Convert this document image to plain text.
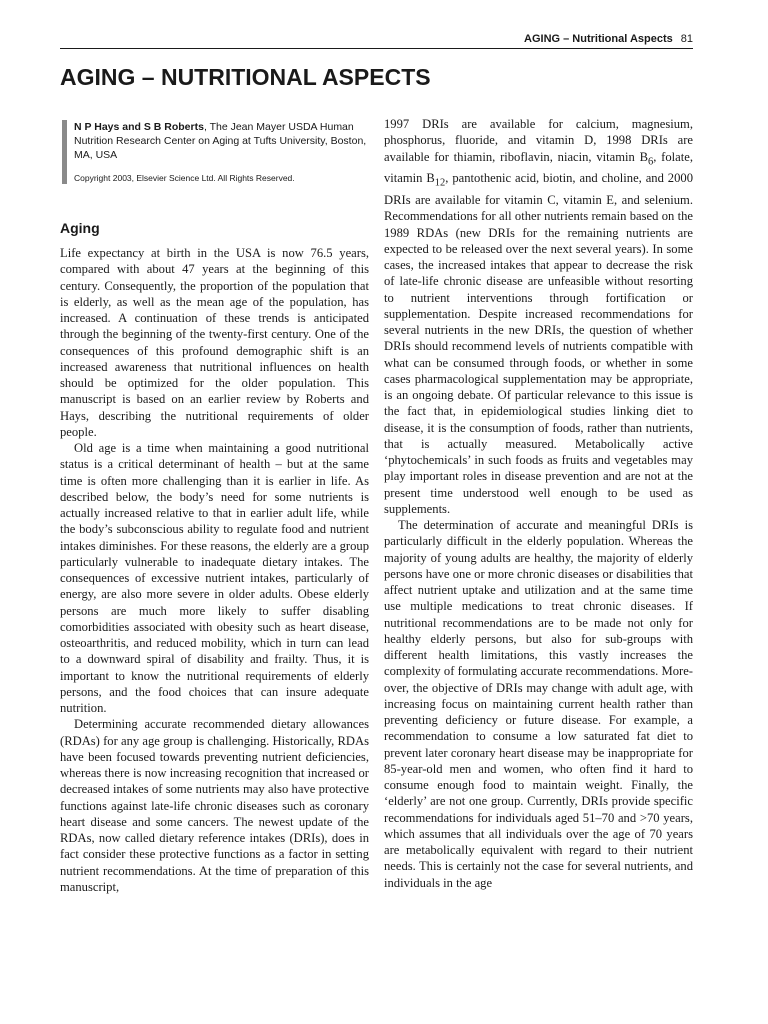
AGING – Nutritional Aspects 81
AGING – NUTRITIONAL ASPECTS

N P Hays and S B Roberts, The Jean Mayer USDA Human Nutrition Research Center on Aging at Tufts University, Boston, MA, USA

Copyright 2003, Elsevier Science Ltd. All Rights Reserved.

Aging

Life expectancy at birth in the USA is now 76.5 years, compared with about 47 years at the beginning of this century. Consequently, the proportion of the population that is elderly, as well as the mean age of the population, has increased. A continuation of these trends is anticipated through the beginning of the twenty-first century. One of the consequences of this profound demographic shift is an increased awareness that nutritional influences on health should be optimized for the older population. This manuscript is based on an earlier review by Roberts and Hays, describing the nutritional requirements of older people.

Old age is a time when maintaining a good nutritional status is a critical determinant of health – but at the same time is often more challenging than it is earlier in life. As described below, the body’s need for some nutrients is actually increased relative to that in earlier adult life, while the body’s subconscious ability to regulate food and nutrient intakes diminishes. For these reasons, the elderly are a group particularly vulnerable to inadequate dietary intakes. The consequences of excessive nutrient intakes, particularly of energy, are also more severe in older adults. Obese elderly persons are much more likely to suffer disabling comorbidities associated with obesity such as heart disease, osteoarthritis, and reduced mobility, which in turn can lead to a downward spiral of disability and frailty. Thus, it is important to know the nutritional requirements of elderly persons, and the food choices that can insure adequate nutrition.

Determining accurate recommended dietary allowances (RDAs) for any age group is challenging. Historically, RDAs have been focused towards preventing nutrient deficiencies, whereas there is now increasing recognition that increased or decreased intakes of some nutrients may also have protective functions against late-life chronic diseases such as coronary heart disease and some cancers. The newest update of the RDAs, now called dietary reference intakes (DRIs), does in fact consider these protective functions as a factor in setting nutrient recommendations. At the time of preparation of this manuscript,

1997 DRIs are available for calcium, magnesium, phosphorus, fluoride, and vitamin D, 1998 DRIs are available for thiamin, riboflavin, niacin, vitamin $B_6$, folate, vitamin $B_{12}$, pantothenic acid, biotin, and choline, and 2000 DRIs are available for vitamin C, vitamin E, and selenium. Recommendations for all other nutrients remain based on the 1989 RDAs (new DRIs for the remaining nutrients are expected to be released over the next several years). In some cases, the increased intakes that appear to decrease the risk of late-life chronic disease are unfeasible without resorting to nutrient interventions through fortification or supplementation. Despite increased recommendations for several nutrients in the new DRIs, the question of whether DRIs should recommend levels of nutrients compatible with what can be consumed through foods, or whether in some cases pharmacological supplementation may be appropriate, is an ongoing debate. Of particular relevance to this issue is the fact that, in epidemiological studies linking diet to disease, it is the consumption of foods, rather than nutrients, that is actually measured. Metabolically active ‘phytochemicals’ in such foods as fruits and vegetables may play important roles in disease prevention and are not at the present time understood well enough to be used as supplements.

The determination of accurate and meaningful DRIs is particularly difficult in the elderly population. Whereas the majority of young adults are healthy, the majority of elderly persons have one or more chronic diseases or disabilities that affect nutrient uptake and utilization and at the same time use multiple medications to treat chronic diseases. If nutritional recommendations are to be made not only for healthy elderly persons, but also for sub-groups with different health limitations, this vastly increases the complexity of formulating accurate recommendations. Moreover, the objective of DRIs may change with adult age, with increasing focus on maintaining current health rather than preventing deficiency or future disease. For example, a recommendation to consume a low saturated fat diet to prevent later coronary heart disease may be inappropriate for 85-year-old men and women, who often find it hard to consume enough food to maintain weight. Finally, the ‘elderly’ are not one group. Currently, DRIs provide specific recommendations for individuals aged 51–70 and >70 years, which assumes that all individuals over the age of 70 years are metabolically equivalent with regard to their nutrient needs. This is certainly not the case for several nutrients, and individuals in the age
